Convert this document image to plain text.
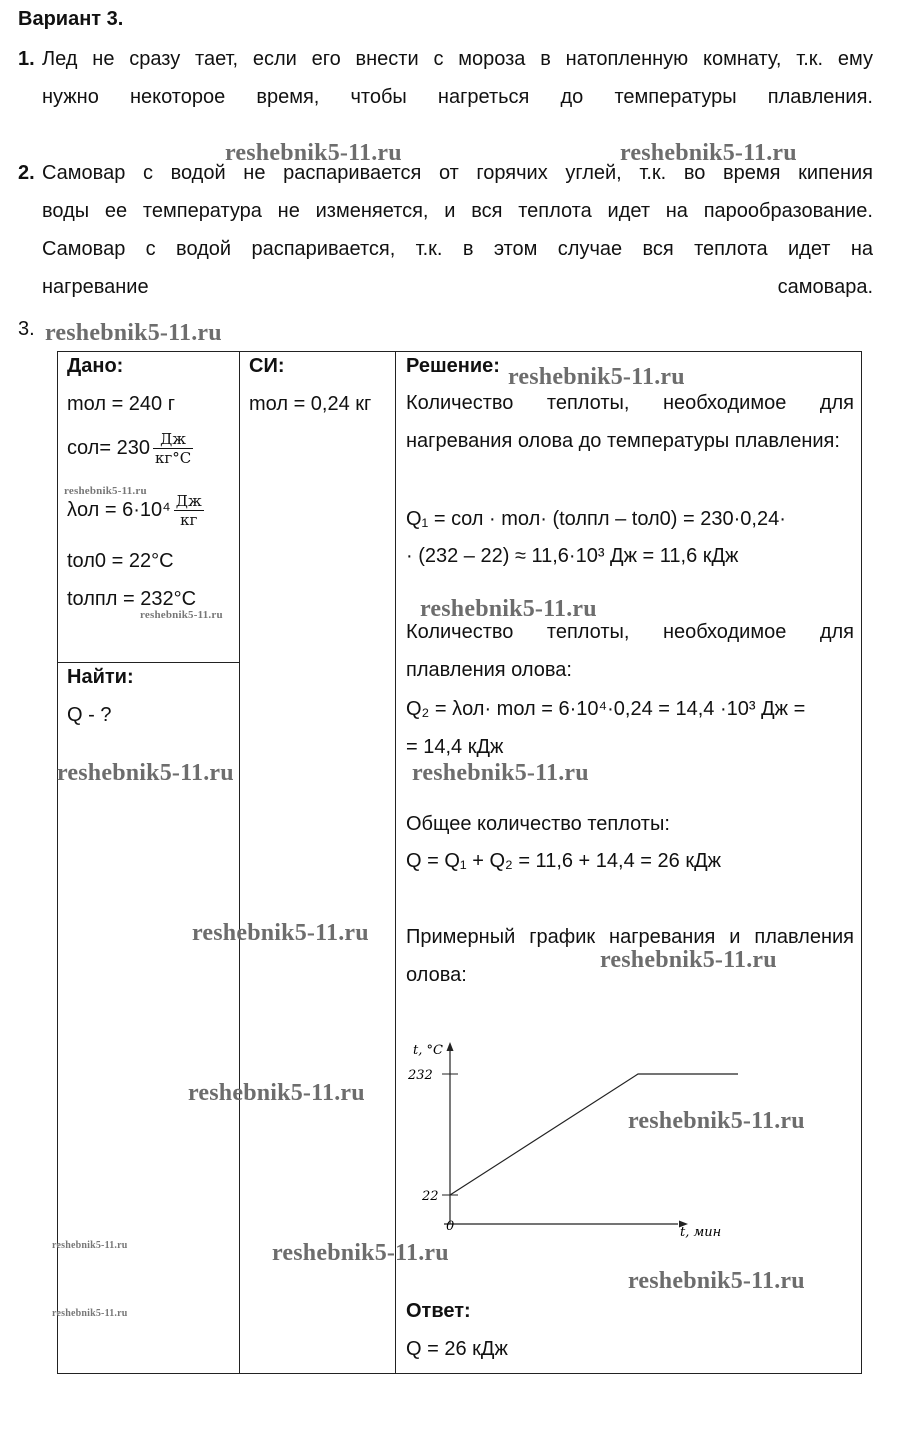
Вариант 3.
1. Лед не сразу тает, если его внести с мороза в натопленную комнату, т.к. ему
нужно некоторое время, чтобы нагреться до температуры плавления.
2. Самовар с водой не распаривается от горячих углей, т.к. во время кипения
воды ее температура не изменяется, и вся теплота идет на парообразование.
Самовар с водой распаривается, т.к. в этом случае вся теплота идет на
нагревание самовара.
3.
Дано:
mол = 240 г
$cол= 230 \frac{Дж}{кг^\circ C}$
$\lambda ол = 6\cdot 10^4 \frac{Дж}{кг}$
tол0 = 22°C
tолпл = 232°C
СИ:
mол = 0,24 кг
Найти:
Q - ?
Решение:
Количество теплоты, необходимое для нагревания олова до температуры плавления:
Q₁ = cол · mол· (tолпл – tол0) = 230·0,24·
· (232 – 22) ≈ 11,6·10³ Дж = 11,6 кДж
Количество теплоты, необходимое для плавления олова:
Q₂ = λол· mол = 6·10⁴·0,24 = 14,4 ·10³ Дж =
= 14,4 кДж
Общее количество теплоты:
Q = Q₁ + Q₂ = 11,6 + 14,4 = 26 кДж
Примерный график нагревания и плавления олова:
t, °C
0	t, мин
232
22
Ответ:
Q = 26 кДж
reshebnik5-11.ru	reshebnik5-11.ru
reshebnik5-11.ru
reshebnik5-11.ru
reshebnik5-11.ru
reshebnik5-11.ru	reshebnik5-11.ru
reshebnik5-11.ru	reshebnik5-11.ru
reshebnik5-11.ru
reshebnik5-11.ru
reshebnik5-11.ru
reshebnik5-11.ru
reshebnik5-11.ru	reshebnik5-11.ru
reshebnik5-11.ru
reshebnik5-11.ru
